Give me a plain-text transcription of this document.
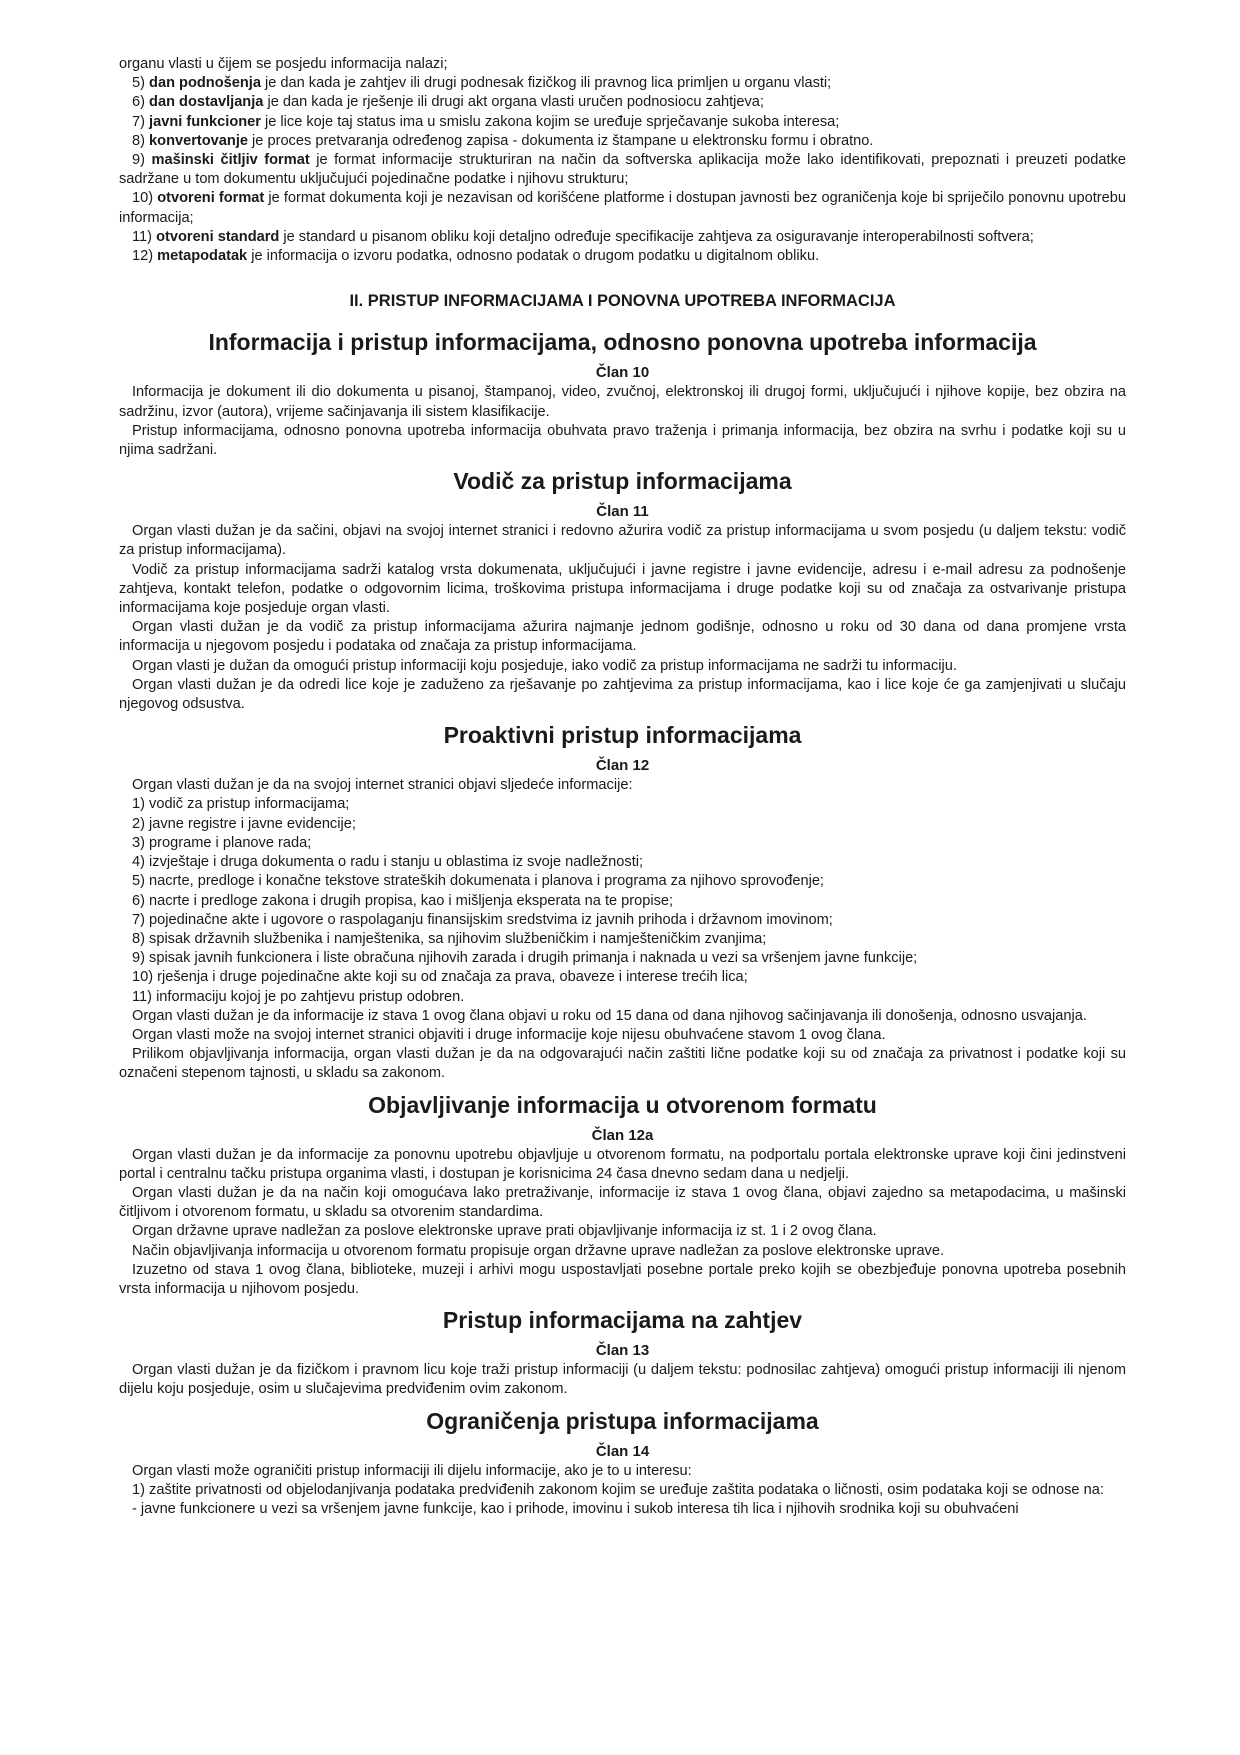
organu vlasti u čijem se posjedu informacija nalazi;

5) dan podnošenja je dan kada je zahtjev ili drugi podnesak fizičkog ili pravnog lica primljen u organu vlasti;

6) dan dostavljanja je dan kada je rješenje ili drugi akt organa vlasti uručen podnosiocu zahtjeva;

7) javni funkcioner je lice koje taj status ima u smislu zakona kojim se uređuje sprječavanje sukoba interesa;

8) konvertovanje je proces pretvaranja određenog zapisa - dokumenta iz štampane u elektronsku formu i obratno.

9) mašinski čitljiv format je format informacije strukturiran na način da softverska aplikacija može lako identifikovati, prepoznati i preuzeti podatke sadržane u tom dokumentu uključujući pojedinačne podatke i njihovu strukturu;

10) otvoreni format je format dokumenta koji je nezavisan od korišćene platforme i dostupan javnosti bez ograničenja koje bi spriječilo ponovnu upotrebu informacija;

11) otvoreni standard je standard u pisanom obliku koji detaljno određuje specifikacije zahtjeva za osiguravanje interoperabilnosti softvera;

12) metapodatak je informacija o izvoru podatka, odnosno podatak o drugom podatku u digitalnom obliku.

II. PRISTUP INFORMACIJAMA I PONOVNA UPOTREBA INFORMACIJA

Informacija i pristup informacijama, odnosno ponovna upotreba informacija

Član 10

Informacija je dokument ili dio dokumenta u pisanoj, štampanoj, video, zvučnoj, elektronskoj ili drugoj formi, uključujući i njihove kopije, bez obzira na sadržinu, izvor (autora), vrijeme sačinjavanja ili sistem klasifikacije.

Pristup informacijama, odnosno ponovna upotreba informacija obuhvata pravo traženja i primanja informacija, bez obzira na svrhu i podatke koji su u njima sadržani.

Vodič za pristup informacijama

Član 11

Organ vlasti dužan je da sačini, objavi na svojoj internet stranici i redovno ažurira vodič za pristup informacijama u svom posjedu (u daljem tekstu: vodič za pristup informacijama).

Vodič za pristup informacijama sadrži katalog vrsta dokumenata, uključujući i javne registre i javne evidencije, adresu i e-mail adresu za podnošenje zahtjeva, kontakt telefon, podatke o odgovornim licima, troškovima pristupa informacijama i druge podatke koji su od značaja za ostvarivanje pristupa informacijama koje posjeduje organ vlasti.

Organ vlasti dužan je da vodič za pristup informacijama ažurira najmanje jednom godišnje, odnosno u roku od 30 dana od dana promjene vrsta informacija u njegovom posjedu i podataka od značaja za pristup informacijama.

Organ vlasti je dužan da omogući pristup informaciji koju posjeduje, iako vodič za pristup informacijama ne sadrži tu informaciju.

Organ vlasti dužan je da odredi lice koje je zaduženo za rješavanje po zahtjevima za pristup informacijama, kao i lice koje će ga zamjenjivati u slučaju njegovog odsustva.

Proaktivni pristup informacijama

Član 12

Organ vlasti dužan je da na svojoj internet stranici objavi sljedeće informacije:

1) vodič za pristup informacijama;

2) javne registre i javne evidencije;

3) programe i planove rada;

4) izvještaje i druga dokumenta o radu i stanju u oblastima iz svoje nadležnosti;

5) nacrte, predloge i konačne tekstove strateških dokumenata i planova i programa za njihovo sprovođenje;

6) nacrte i predloge zakona i drugih propisa, kao i mišljenja eksperata na te propise;

7) pojedinačne akte i ugovore o raspolaganju finansijskim sredstvima iz javnih prihoda i državnom imovinom;

8) spisak državnih službenika i namještenika, sa njihovim službeničkim i namješteničkim zvanjima;

9) spisak javnih funkcionera i liste obračuna njihovih zarada i drugih primanja i naknada u vezi sa vršenjem javne funkcije;

10) rješenja i druge pojedinačne akte koji su od značaja za prava, obaveze i interese trećih lica;

11) informaciju kojoj je po zahtjevu pristup odobren.

Organ vlasti dužan je da informacije iz stava 1 ovog člana objavi u roku od 15 dana od dana njihovog sačinjavanja ili donošenja, odnosno usvajanja.

Organ vlasti može na svojoj internet stranici objaviti i druge informacije koje nijesu obuhvaćene stavom 1 ovog člana.

Prilikom objavljivanja informacija, organ vlasti dužan je da na odgovarajući način zaštiti lične podatke koji su od značaja za privatnost i podatke koji su označeni stepenom tajnosti, u skladu sa zakonom.

Objavljivanje informacija u otvorenom formatu

Član 12a

Organ vlasti dužan je da informacije za ponovnu upotrebu objavljuje u otvorenom formatu, na podportalu portala elektronske uprave koji čini jedinstveni portal i centralnu tačku pristupa organima vlasti, i dostupan je korisnicima 24 časa dnevno sedam dana u nedjelji.

Organ vlasti dužan je da na način koji omogućava lako pretraživanje, informacije iz stava 1 ovog člana, objavi zajedno sa metapodacima, u mašinski čitljivom i otvorenom formatu, u skladu sa otvorenim standardima.

Organ državne uprave nadležan za poslove elektronske uprave prati objavljivanje informacija iz st. 1 i 2 ovog člana.

Način objavljivanja informacija u otvorenom formatu propisuje organ državne uprave nadležan za poslove elektronske uprave.

Izuzetno od stava 1 ovog člana, biblioteke, muzeji i arhivi mogu uspostavljati posebne portale preko kojih se obezbjeđuje ponovna upotreba posebnih vrsta informacija u njihovom posjedu.

Pristup informacijama na zahtjev

Član 13

Organ vlasti dužan je da fizičkom i pravnom licu koje traži pristup informaciji (u daljem tekstu: podnosilac zahtjeva) omogući pristup informaciji ili njenom dijelu koju posjeduje, osim u slučajevima predviđenim ovim zakonom.

Ograničenja pristupa informacijama

Član 14

Organ vlasti može ograničiti pristup informaciji ili dijelu informacije, ako je to u interesu:

1) zaštite privatnosti od objelodanjivanja podataka predviđenih zakonom kojim se uređuje zaštita podataka o ličnosti, osim podataka koji se odnose na:

- javne funkcionere u vezi sa vršenjem javne funkcije, kao i prihode, imovinu i sukob interesa tih lica i njihovih srodnika koji su obuhvaćeni
